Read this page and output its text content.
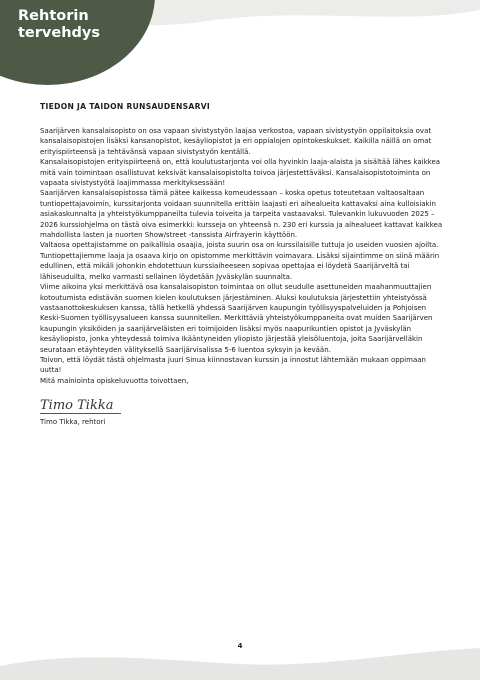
Rehtorin
tervehdys
TIEDON JA TAIDON RUNSAUDENSARVI

Saarijärven kansalaisopisto on osa vapaan sivistystyön laajaa verkostoa, vapaan sivistystyön oppilaitoksia ovat kansalaisopistojen lisäksi kansanopistot, kesäyliopistot ja eri oppialojen opintokeskukset. Kaikilla näillä on omat erityispiirteensä ja tehtävänsä vapaan sivistystyön kentällä.

Kansalaisopistojen erityispiirteenä on, että koulutustarjonta voi olla hyvinkin laaja-alaista ja sisältää lähes kaikkea mitä vain toimintaan osallistuvat keksivät kansalaisopistolta toivoa järjestettäväksi. Kansalaisopistotoiminta on vapaata sivistystyötä laajimmassa merkityksessään!

Saarijärven kansalaisopistossa tämä pätee kaikessa komeudessaan – koska opetus toteutetaan valtaosaltaan tuntiopettajavoimin, kurssitarjonta voidaan suunnitella erittäin laajasti eri aihealueita kattavaksi aina kulloisiakin asiakaskunnalta ja yhteistyökumppaneilta tulevia toiveita ja tarpeita vastaavaksi. Tulevankin lukuvuoden 2025 – 2026 kurssiohjelma on tästä oiva esimerkki: kursseja on yhteensä n. 230 eri kurssia ja aihealueet kattavat kaikkea mahdollista lasten ja nuorten Show/street -tanssista Airfrayerin käyttöön.

Valtaosa opettajistamme on paikallisia osaajia, joista suurin osa on kurssilaisille tuttuja jo useiden vuosien ajoilta. Tuntiopettajiemme laaja ja osaava kirjo on opistomme merkittävin voimavara. Lisäksi sijaintimme on siinä määrin edullinen, että mikäli johonkin ehdotettuun kurssiaiheeseen sopivaa opettajaa ei löydetä Saarijärveltä tai lähiseuduilta, melko varmasti sellainen löydetään Jyväskylän suunnalta.

Viime aikoina yksi merkittävä osa kansalaisopiston toimintaa on ollut seudulle asettuneiden maahanmuuttajien kotoutumista edistävän suomen kielen koulutuksen järjestäminen. Aluksi koulutuksia järjestettiin yhteistyössä vastaanottokeskuksen kanssa, tällä hetkellä yhdessä Saarijärven kaupungin työllisyyspalveluiden ja Pohjoisen Keski-Suomen työllisyysalueen kanssa suunnitellen. Merkittäviä yhteistyökumppaneita ovat muiden Saarijärven kaupungin yksiköiden ja saarijärveläisten eri toimijoiden lisäksi myös naapurikuntien opistot ja Jyväskylän kesäyliopisto, jonka yhteydessä toimiva Ikääntyneiden yliopisto järjestää yleisöluentoja, joita Saarijärvelläkin seurataan etäyhteyden välityksellä Saarijärvisalissa 5-6 luentoa syksyin ja kevään.

Toivon, että löydät tästä ohjelmasta juuri Sinua kiinnostavan kurssin ja innostut lähtemään mukaan oppimaan uutta!

Mitä mainiointa opiskeluvuotta toivottaen,

Timo Tikka
Timo Tikka, rehtori
4
